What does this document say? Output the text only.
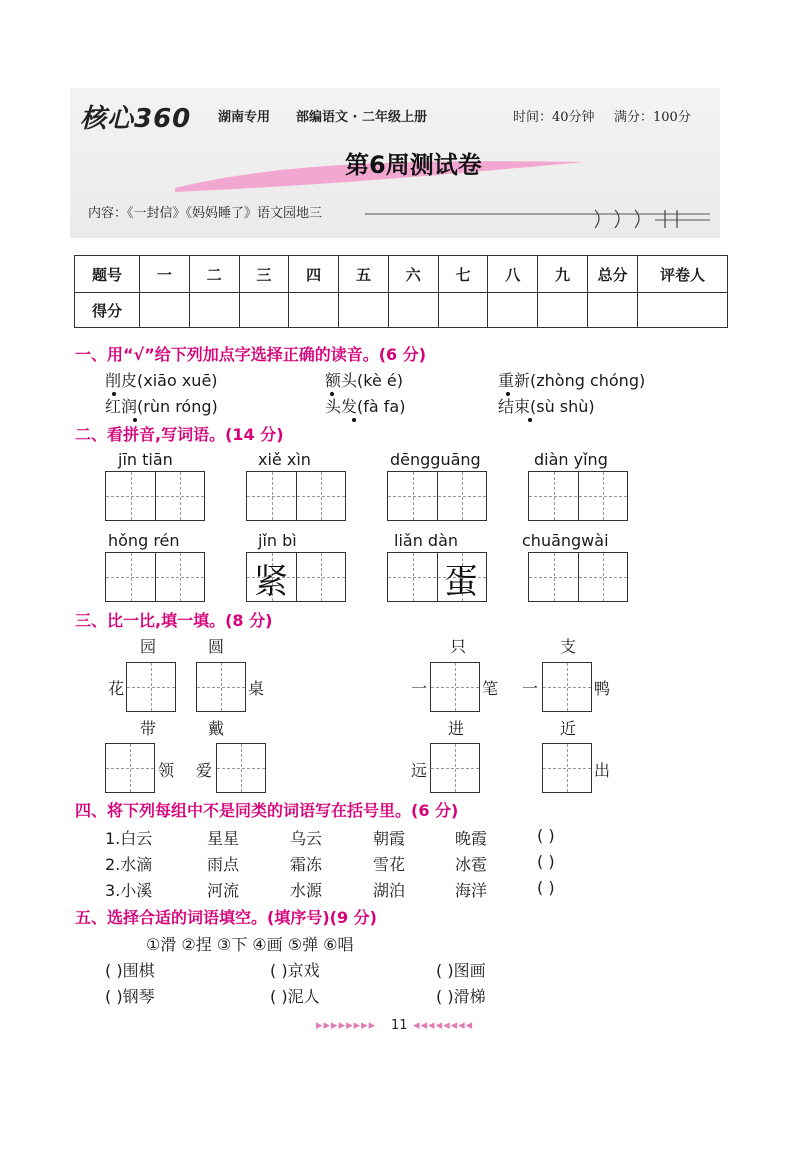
核心360 湖南专用 部编语文 · 二年级上册	时间：40分钟 满分：100分
第6周测试卷
内容：《一封信》《妈妈睡了》语文园地三
题号	一	二	三	四	五	六	七	八	九	总分	评卷人
得分											
一、用“√”给下列加点字选择正确的读音。(6 分)
削皮(xiāo xuē)	额头(kè é)	重新(zhòng chóng)
红润(rùn róng)	头发(fà fa)	结束(sù shù)
二、看拼音,写词语。(14 分)
jīn tiān	xiě xìn	dēngguāng	diàn yǐng
hǒng rén	jǐn bì	liǎn dàn	chuāngwài
紧	蛋
三、比一比,填一填。(8 分)
园	圆	只	支
花	桌	一	笔 一	鸭
带	戴	进	近
领 爱	远	出
四、将下列每组中不是同类的词语写在括号里。(6 分)
1.白云	星星	乌云	朝霞	晚霞	( )
2.水滴	雨点	霜冻	雪花	冰雹	( )
3.小溪	河流	水源	湖泊	海洋	( )
五、选择合适的词语填空。(填序号)(9 分)
①滑 ②捏 ③下 ④画 ⑤弹 ⑥唱
( )围棋	( )京戏	( )图画
( )钢琴	( )泥人	( )滑梯
▸▸▸▸▸▸▸▸ 11 ◂◂◂◂◂◂◂◂
